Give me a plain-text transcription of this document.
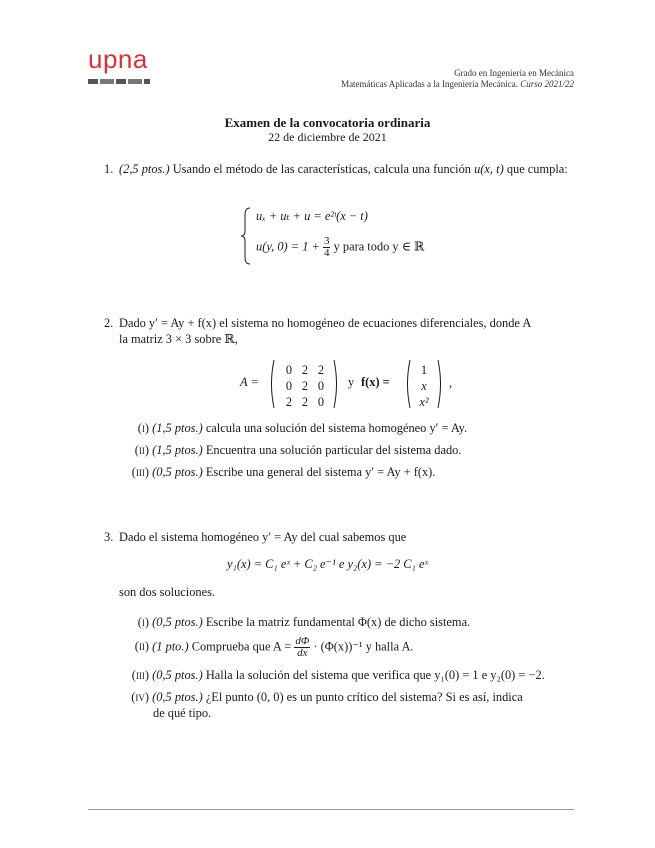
upna	Grado en Ingeniería en Mecánica
Matemáticas Aplicadas a la Ingeniería Mecánica. Curso 2021/22
Examen de la convocatoria ordinaria
22 de diciembre de 2021
1. (2,5 ptos.) Usando el método de las características, calcula una función u(x, t) que cumpla:
uₓ + uₜ + u = e²ᵗ(x − t)
u(y, $0) = 1 + \frac{3}{4}$ y para todo y ∈ ℝ
2. Dado y′ = Ay + f(x) el sistema no homogéneo de ecuaciones diferenciales, donde A
la matriz 3 × 3 sobre ℝ,
A =
0 2 2
0 2 0
2 2 0
y f(x) =
1
x
x²
,
(i) (1,5 ptos.) calcula una solución del sistema homogéneo y′ = Ay.
(ii) (1,5 ptos.) Encuentra una solución particular del sistema dado.
(iii) (0,5 ptos.) Escribe una general del sistema y′ = Ay + f(x).
3. Dado el sistema homogéneo y′ = Ay del cual sabemos que
y₁(x) = C₁ eˣ + C₂ e⁻¹ e y₂(x) = −2 C₁ eˣ
son dos soluciones.
(i) (0,5 ptos.) Escribe la matriz fundamental Φ(x) de dicho sistema.
(ii) (1 pto.) Comprueba que $A = \frac{d\Phi}{dx} \cdot (\Phi(x))^{-1}$ y halla A.
(iii) (0,5 ptos.) Halla la solución del sistema que verifica que y₁(0) = 1 e y₂(0) = −2.
(iv) (0,5 ptos.) ¿El punto (0, 0) es un punto crítico del sistema? Si es así, indica
de qué tipo.
